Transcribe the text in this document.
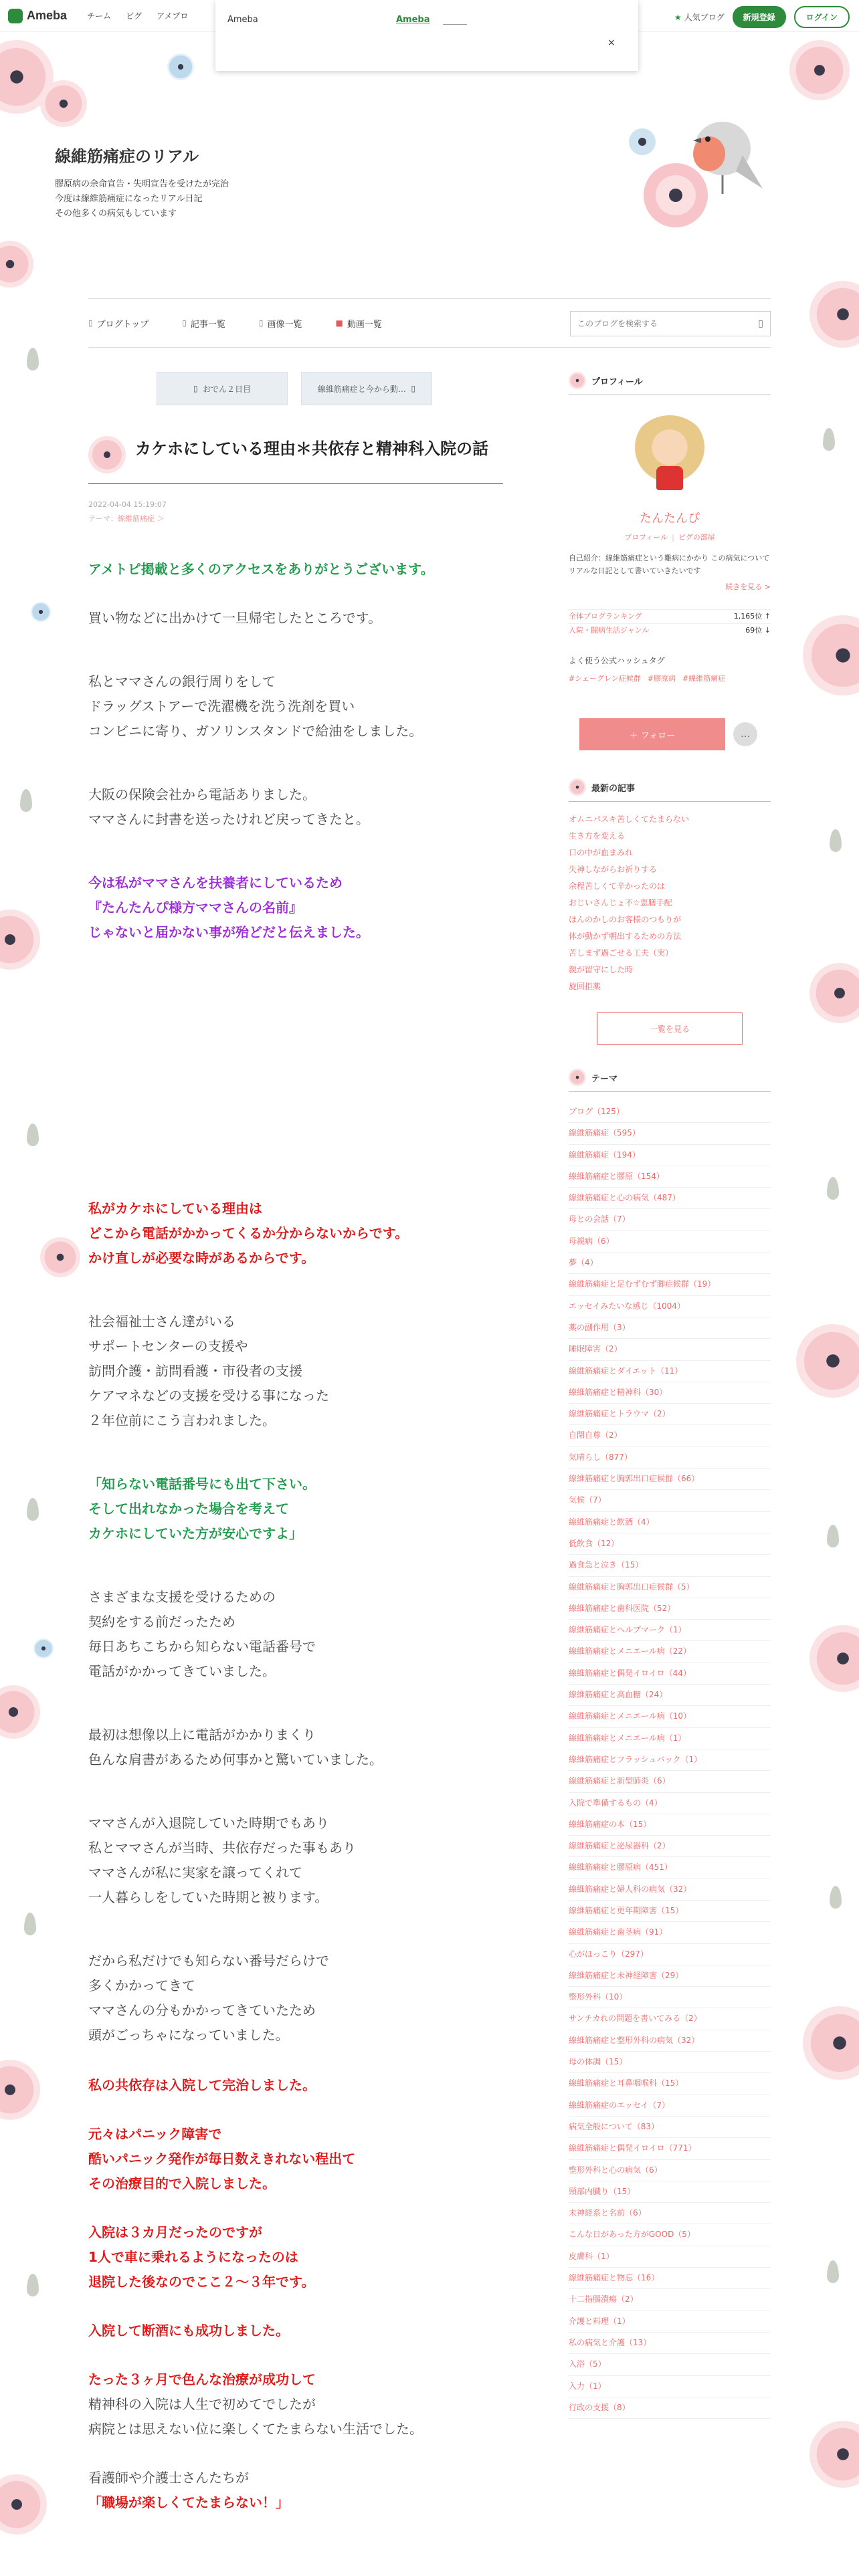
Ameba	チーム ピグ アメブロ	★ 人気ブログ	新規登録	ログイン
Ameba	Ameba
×
線維筋痛症のリアル
膠原病の余命宣告・失明宣告を受けたが完治
今度は線維筋痛症になったリアル日記
その他多くの病気もしています
▯ ブログトップ	▯ 記事一覧	▯ 画像一覧	■ 動画一覧
このブログを検索する	▯
▯ おでん２日目	線維筋痛症と今から動… ▯
カケホにしている理由＊共依存と精神科入院の話
2022-04-04 15:19:07
テーマ：線維筋痛症 ＞
アメトピ掲載と多くのアクセスをありがとうございます。
買い物などに出かけて一旦帰宅したところです。
私とママさんの銀行周りをして
ドラッグストアーで洗濯機を洗う洗剤を買い
コンビニに寄り、ガソリンスタンドで給油をしました。
大阪の保険会社から電話ありました。
ママさんに封書を送ったけれど戻ってきたと。
今は私がママさんを扶養者にしているため
『たんたんぴ様方ママさんの名前』
じゃないと届かない事が殆どだと伝えました。
私がカケホにしている理由は
どこから電話がかかってくるか分からないからです。
かけ直しが必要な時があるからです。
社会福祉士さん達がいる
サポートセンターの支援や
訪問介護・訪問看護・市役者の支援
ケアマネなどの支援を受ける事になった
２年位前にこう言われました。
「知らない電話番号にも出て下さい。
そして出れなかった場合を考えて
カケホにしていた方が安心ですよ」
さまざまな支援を受けるための
契約をする前だったため
毎日あちこちから知らない電話番号で
電話がかかってきていました。
最初は想像以上に電話がかかりまくり
色んな肩書があるため何事かと驚いていました。
ママさんが入退院していた時期でもあり
私とママさんが当時、共依存だった事もあり
ママさんが私に実家を譲ってくれて
一人暮らしをしていた時期と被ります。
だから私だけでも知らない番号だらけで
多くかかってきて
ママさんの分もかかってきていたため
頭がごっちゃになっていました。
私の共依存は入院して完治しました。
元々はパニック障害で
酷いパニック発作が毎日数えきれない程出て
その治療目的で入院しました。
入院は３カ月だったのですが
1人で車に乗れるようになったのは
退院した後なのでここ２～３年です。
入院して断酒にも成功しました。
たった３ヶ月で色んな治療が成功して
精神科の入院は人生で初めてでしたが
病院とは思えない位に楽しくてたまらない生活でした。
看護師や介護士さんたちが
「職場が楽しくてたまらない！」
プロフィール
たんたんぴ
プロフィール | ピグの部屋
自己紹介：線維筋痛症という難病にかかり この病気についてリアルな日記として書いていきたいです
続きを見る >
全体ブログランキング	1,165位 ↑
入院・闘病生活ジャンル	69位 ↓
よく使う公式ハッシュタグ
#シェーグレン症候群 #膠原病 #線維筋痛症
＋ フォロー	…
最新の記事
オムニパスキ苦しくてたまらない
生き方を変える
口の中が血まみれ
失神しながらお祈りする
余程苦しくて辛かったのは
おじいさんじょ不☆恵膳手配
ほんのかしのお客様のつもりが
体が動かず朝出するための方法
苦しまず過ごせる工夫（実）
親が留守にした時
旋回拒薬
一覧を見る
テーマ
ブログ（125）
線維筋痛症（595）
線維筋痛症（194）
線維筋痛症と膠原（154）
線維筋痛症と心の病気（487）
母との会話（7）
母親病（6）
夢（4）
線維筋痛症と足むずむず脚症候群（19）
エッセイみたいな感じ（1004）
薬の副作用（3）
睡眠障害（2）
線維筋痛症とダイエット（11）
線維筋痛症と精神科（30）
線維筋痛症とトラウマ（2）
自閉自尊（2）
気晴らし（877）
線維筋痛症と胸郭出口症候群（66）
気候（7）
線維筋痛症と飲酒（4）
低飲食（12）
過食急と泣き（15）
線維筋痛症と胸郭出口症候群（5）
線維筋痛症と歯科医院（52）
線維筋痛症とヘルプマーク（1）
線維筋痛症とメニエール病（22）
線維筋痛症と偶発イロイロ（44）
線維筋痛症と高血糖（24）
線維筋痛症とメニエール病（10）
線維筋痛症とメニエール病（1）
線維筋痛症とフラッシュバック（1）
線維筋痛症と新型肺炎（6）
入院で準備するもの（4）
線維筋痛症の本（15）
線維筋痛症と泌尿器科（2）
線維筋痛症と膠原病（451）
線維筋痛症と婦人科の病気（32）
線維筋痛症と更年期障害（15）
線維筋痛症と歯茎病（91）
心がほっこり（297）
線維筋痛症と未神経障害（29）
整形外科（10）
サンチカれの問題を書いてみる（2）
線維筋痛症と整形外科の病気（32）
母の体調（15）
線維筋痛症と耳鼻咽喉科（15）
線維筋痛症のエッセイ（7）
病気全般について（83）
線維筋痛症と偶発イロイロ（771）
整形外科と心の病気（6）
頸部内臓り（15）
未神経系と名前（6）
こんな日があった方がGOOD（5）
皮膚科（1）
線維筋痛症と物忘（16）
十二指腸潰瘍（2）
介護と料理（1）
私の病気と介護（13）
入浴（5）
入力（1）
行政の支援（8）
